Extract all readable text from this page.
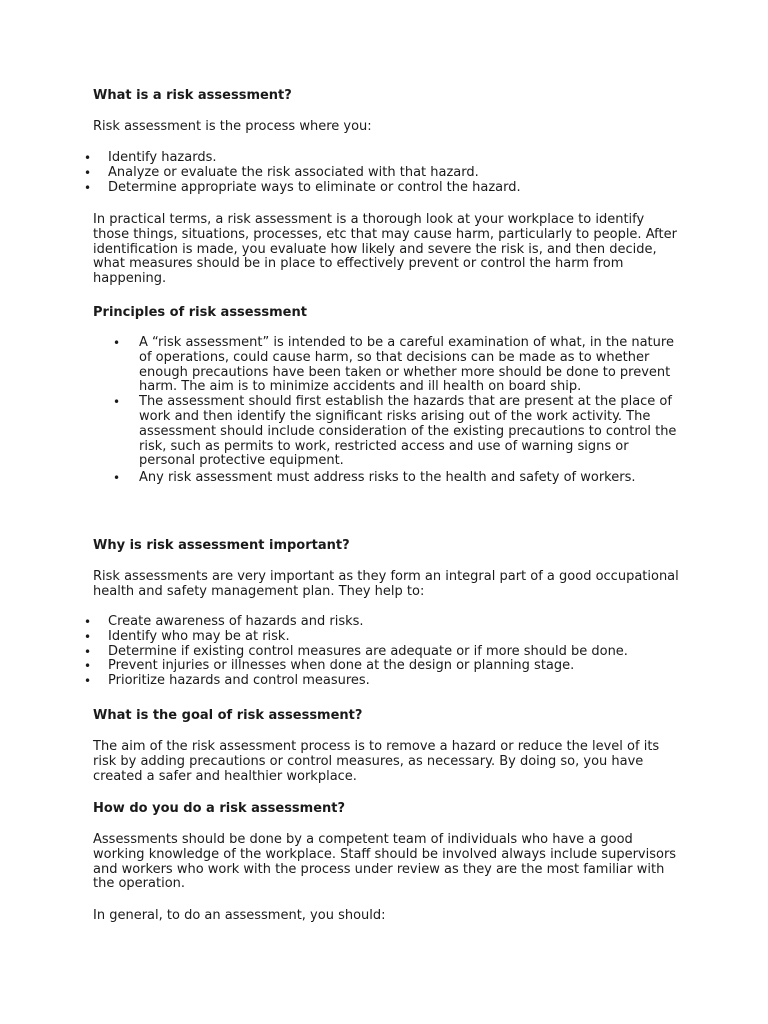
What is a risk assessment?

Risk assessment is the process where you:

• Identify hazards.
• Analyze or evaluate the risk associated with that hazard.
• Determine appropriate ways to eliminate or control the hazard.

In practical terms, a risk assessment is a thorough look at your workplace to identify those things, situations, processes, etc that may cause harm, particularly to people. After identification is made, you evaluate how likely and severe the risk is, and then decide, what measures should be in place to effectively prevent or control the harm from happening.

Principles of risk assessment
• A “risk assessment” is intended to be a careful examination of what, in the nature of operations, could cause harm, so that decisions can be made as to whether enough precautions have been taken or whether more should be done to prevent harm. The aim is to minimize accidents and ill health on board ship.
• The assessment should first establish the hazards that are present at the place of work and then identify the significant risks arising out of the work activity. The assessment should include consideration of the existing precautions to control the risk, such as permits to work, restricted access and use of warning signs or personal protective equipment.
• Any risk assessment must address risks to the health and safety of workers.
Why is risk assessment important?

Risk assessments are very important as they form an integral part of a good occupational health and safety management plan. They help to:

• Create awareness of hazards and risks.
• Identify who may be at risk.
• Determine if existing control measures are adequate or if more should be done.
• Prevent injuries or illnesses when done at the design or planning stage.
• Prioritize hazards and control measures.
What is the goal of risk assessment?

The aim of the risk assessment process is to remove a hazard or reduce the level of its risk by adding precautions or control measures, as necessary. By doing so, you have created a safer and healthier workplace.

How do you do a risk assessment?

Assessments should be done by a competent team of individuals who have a good working knowledge of the workplace. Staff should be involved always include supervisors and workers who work with the process under review as they are the most familiar with the operation.

In general, to do an assessment, you should:
